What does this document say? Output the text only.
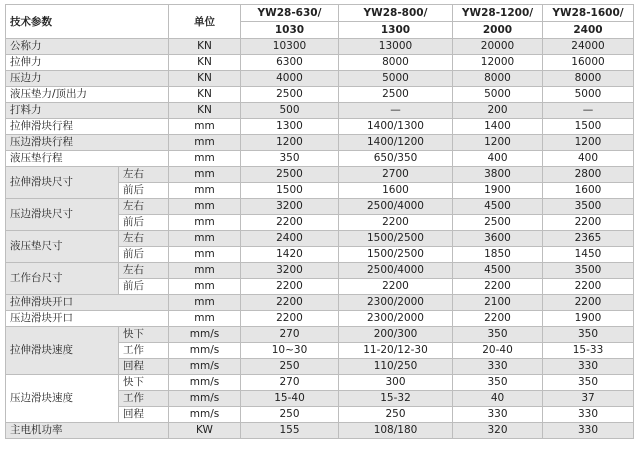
技术参数		单位	YW28-630/	YW28-800/	YW28-1200/	YW28-1600/
			1030	1300	2000	2400
公称力		KN	10300	13000	20000	24000
拉伸力		KN	6300	8000	12000	16000
压边力		KN	4000	5000	8000	8000
液压垫力/顶出力		KN	2500	2500	5000	5000
打料力		KN	500	—	200	—
拉伸滑块行程		mm	1300	1400/1300	1400	1500
压边滑块行程		mm	1200	1400/1200	1200	1200
液压垫行程		mm	350	650/350	400	400
拉伸滑块尺寸	左右	mm	2500	2700	3800	2800
	前后	mm	1500	1600	1900	1600
压边滑块尺寸	左右	mm	3200	2500/4000	4500	3500
	前后	mm	2200	2200	2500	2200
液压垫尺寸	左右	mm	2400	1500/2500	3600	2365
	前后	mm	1420	1500/2500	1850	1450
工作台尺寸	左右	mm	3200	2500/4000	4500	3500
	前后	mm	2200	2200	2200	2200
拉伸滑块开口		mm	2200	2300/2000	2100	2200
压边滑块开口		mm	2200	2300/2000	2200	1900
拉伸滑块速度	快下	mm/s	270	200/300	350	350
	工作	mm/s	10~30	11-20/12-30	20-40	15-33
	回程	mm/s	250	110/250	330	330
压边滑块速度	快下	mm/s	270	300	350	350
	工作	mm/s	15-40	15-32	40	37
	回程	mm/s	250	250	330	330
主电机功率		KW	155	108/180	320	330
